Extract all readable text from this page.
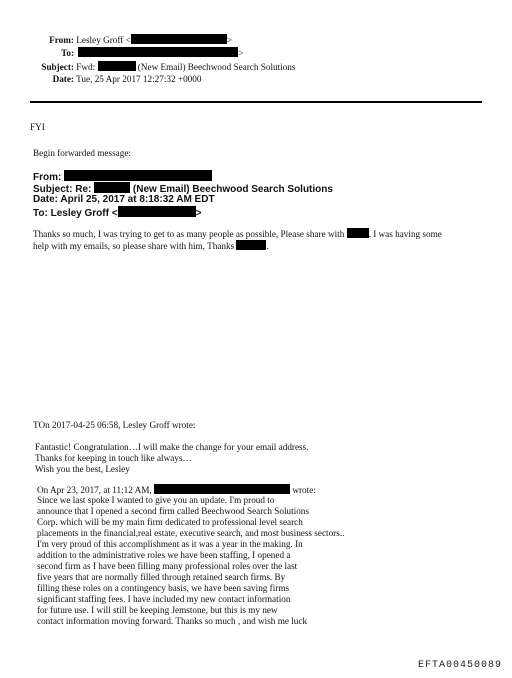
From: Lesley Groff <	>
To:	>
Subject: Fwd:	(New Email) Beechwood Search Solutions
Date: Tue, 25 Apr 2017 12:27:32 +0000
FYI
Begin forwarded message:
From:
Subject: Re:	(New Email) Beechwood Search Solutions
Date: April 25, 2017 at 8:18:32 AM EDT
To: Lesley Groff <	>
Thanks so much, I was trying to get to as many people as possible, Please share with	. I was having some
help with my emails, so please share with him, Thanks	.
TOn 2017-04-25 06:58, Lesley Groff wrote:
Fantastic! Congratulation…I will make the change for your email address.
Thanks for keeping in touch like always…
Wish you the best, Lesley
On Apr 23, 2017, at 11:12 AM,	wrote:
Since we last spoke I wanted to give you an update. I'm proud to
announce that I opened a second firm called Beechwood Search Solutions
Corp. which will be my main firm dedicated to professional level search
placements in the financial,real estate, executive search, and most business sectors..
I'm very proud of this accomplishment as it was a year in the making. In
addition to the administrative roles we have been staffing, I opened a
second firm as I have been filling many professional roles over the last
five years that are normally filled through retained search firms. By
filling these roles on a contingency basis, we have been saving firms
significant staffing fees. I have included my new contact information
for future use. I will still be keeping Jemstone, but this is my new
contact information moving forward. Thanks so much , and wish me luck
EFTA00450089
